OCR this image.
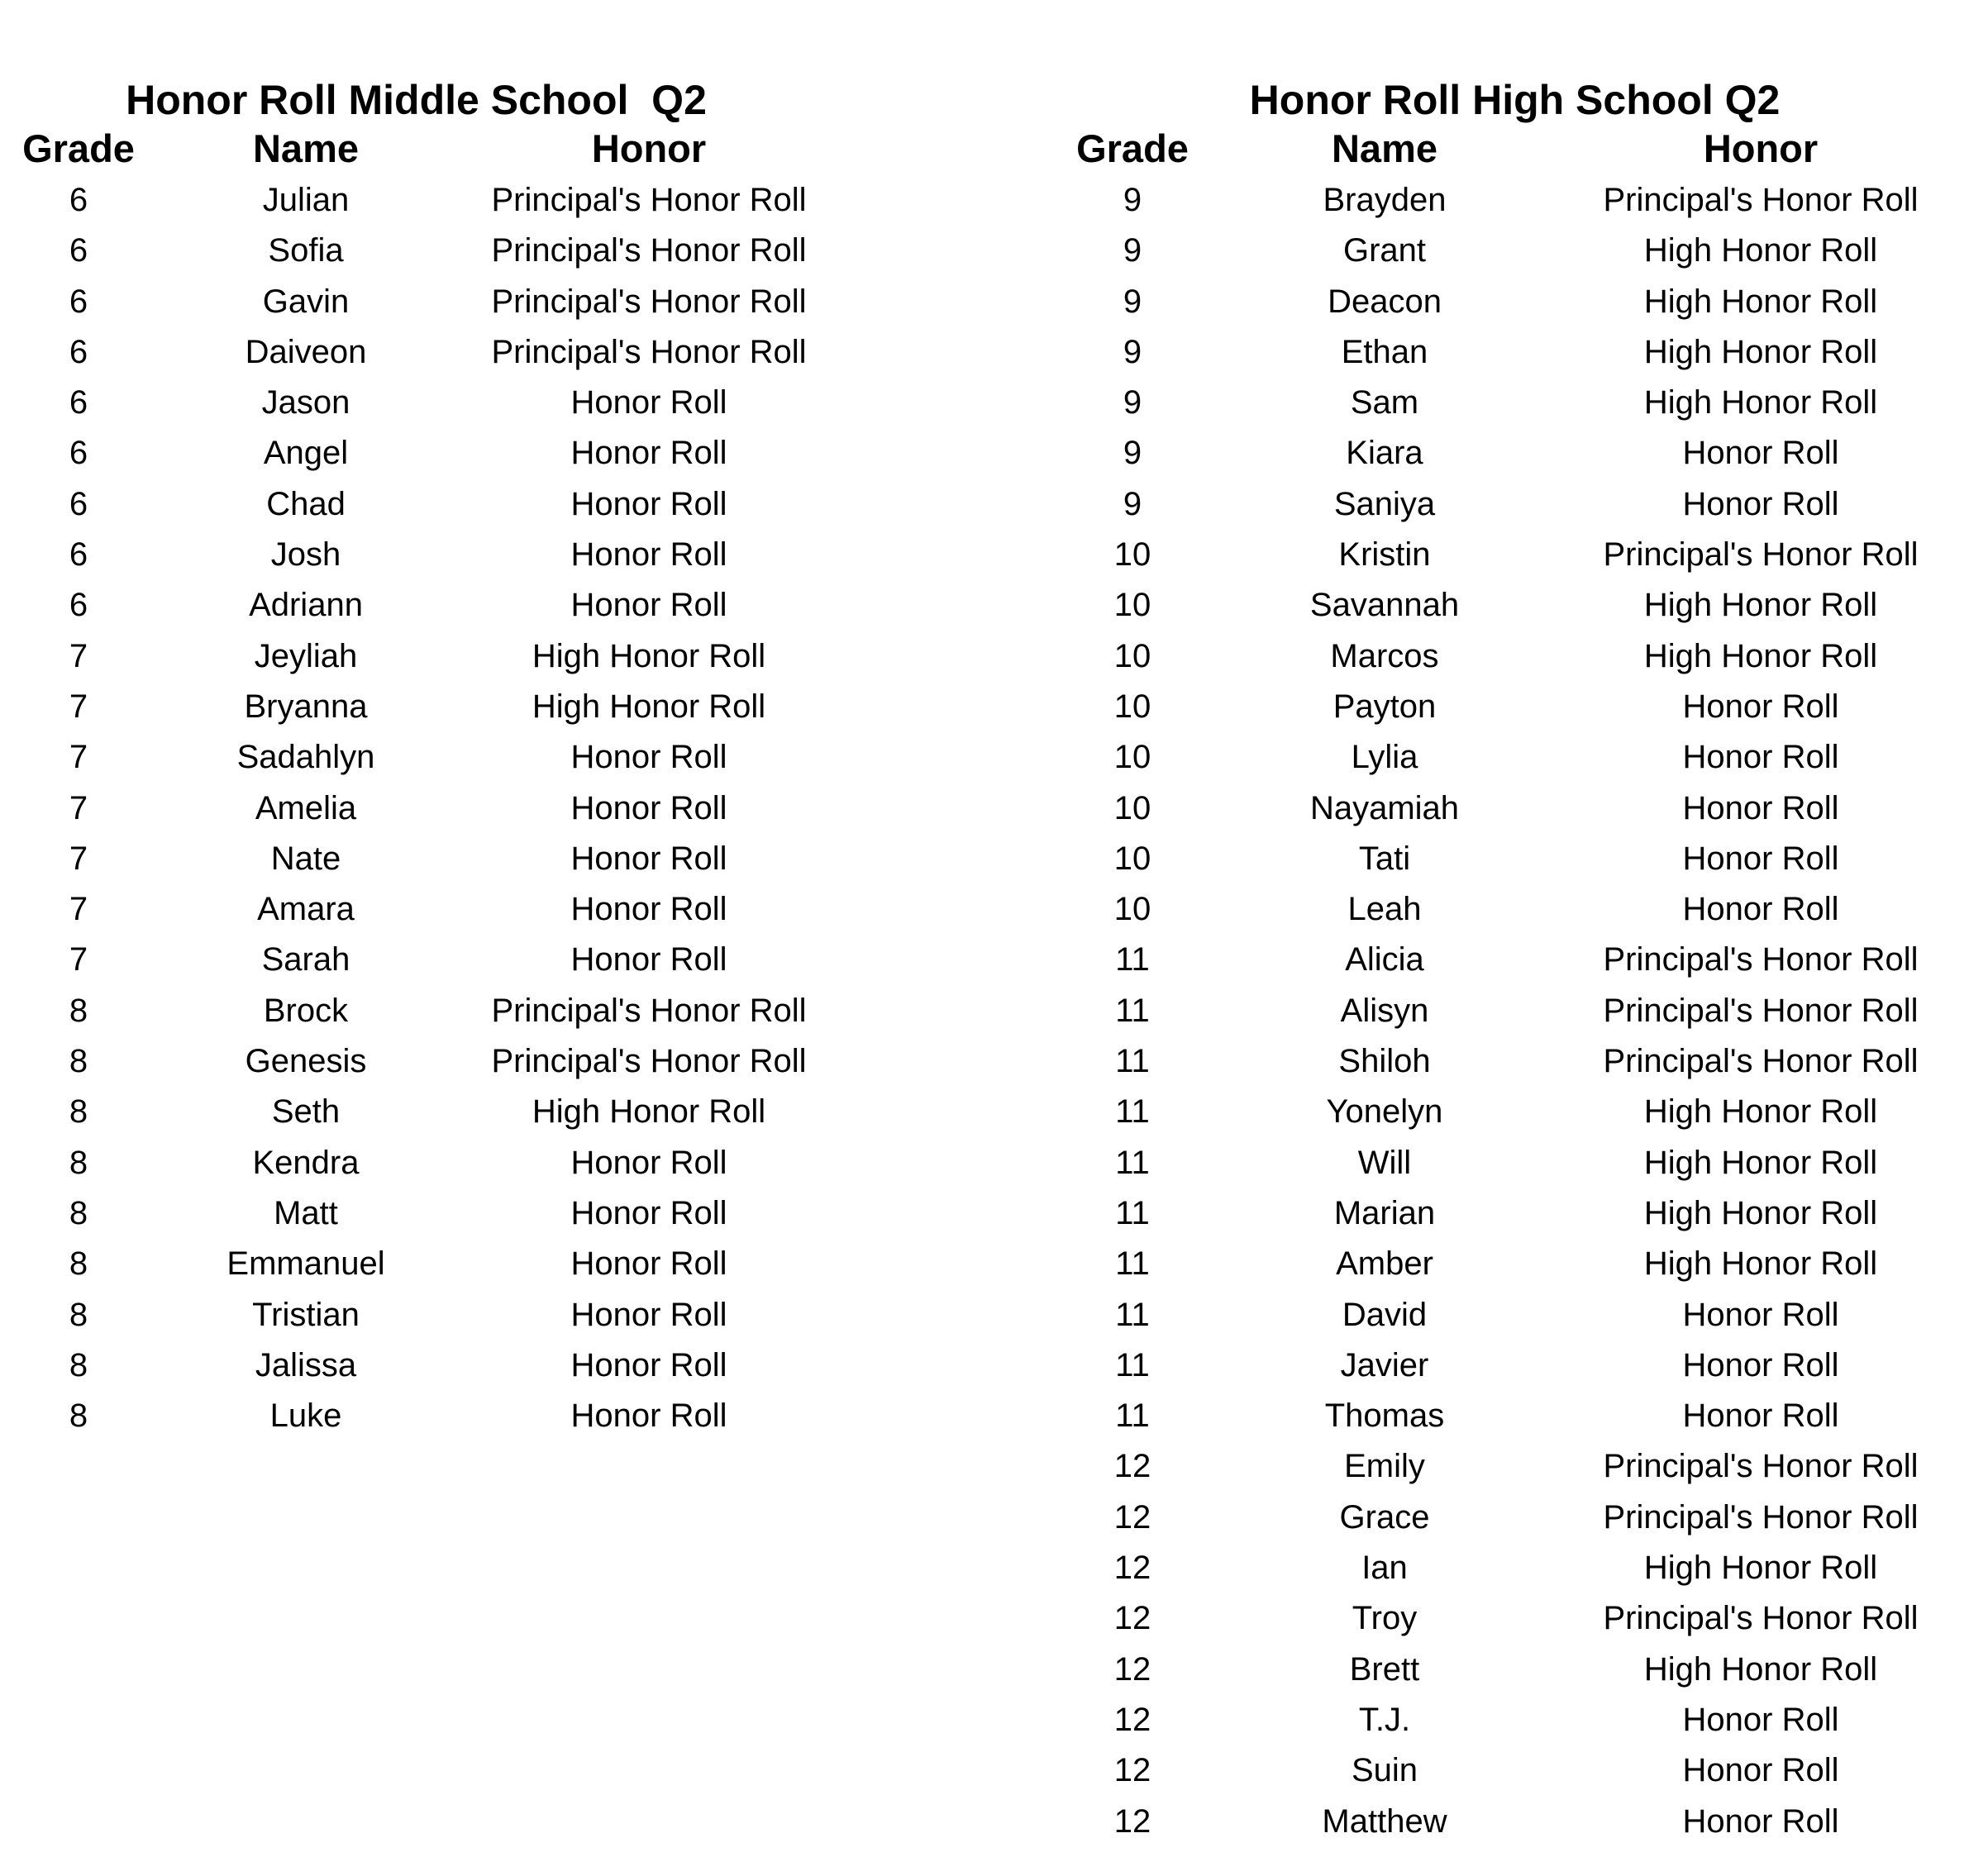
Honor Roll Middle School  Q2
Grade	Name	Honor
6	Julian	Principal's Honor Roll
6	Sofia	Principal's Honor Roll
6	Gavin	Principal's Honor Roll
6	Daiveon	Principal's Honor Roll
6	Jason	Honor Roll
6	Angel	Honor Roll
6	Chad	Honor Roll
6	Josh	Honor Roll
6	Adriann	Honor Roll
7	Jeyliah	High Honor Roll
7	Bryanna	High Honor Roll
7	Sadahlyn	Honor Roll
7	Amelia	Honor Roll
7	Nate	Honor Roll
7	Amara	Honor Roll
7	Sarah	Honor Roll
8	Brock	Principal's Honor Roll
8	Genesis	Principal's Honor Roll
8	Seth	High Honor Roll
8	Kendra	Honor Roll
8	Matt	Honor Roll
8	Emmanuel	Honor Roll
8	Tristian	Honor Roll
8	Jalissa	Honor Roll
8	Luke	Honor Roll
Honor Roll High School Q2
Grade	Name	Honor
9	Brayden	Principal's Honor Roll
9	Grant	High Honor Roll
9	Deacon	High Honor Roll
9	Ethan	High Honor Roll
9	Sam	High Honor Roll
9	Kiara	Honor Roll
9	Saniya	Honor Roll
10	Kristin	Principal's Honor Roll
10	Savannah	High Honor Roll
10	Marcos	High Honor Roll
10	Payton	Honor Roll
10	Lylia	Honor Roll
10	Nayamiah	Honor Roll
10	Tati	Honor Roll
10	Leah	Honor Roll
11	Alicia	Principal's Honor Roll
11	Alisyn	Principal's Honor Roll
11	Shiloh	Principal's Honor Roll
11	Yonelyn	High Honor Roll
11	Will	High Honor Roll
11	Marian	High Honor Roll
11	Amber	High Honor Roll
11	David	Honor Roll
11	Javier	Honor Roll
11	Thomas	Honor Roll
12	Emily	Principal's Honor Roll
12	Grace	Principal's Honor Roll
12	Ian	High Honor Roll
12	Troy	Principal's Honor Roll
12	Brett	High Honor Roll
12	T.J.	Honor Roll
12	Suin	Honor Roll
12	Matthew	Honor Roll
